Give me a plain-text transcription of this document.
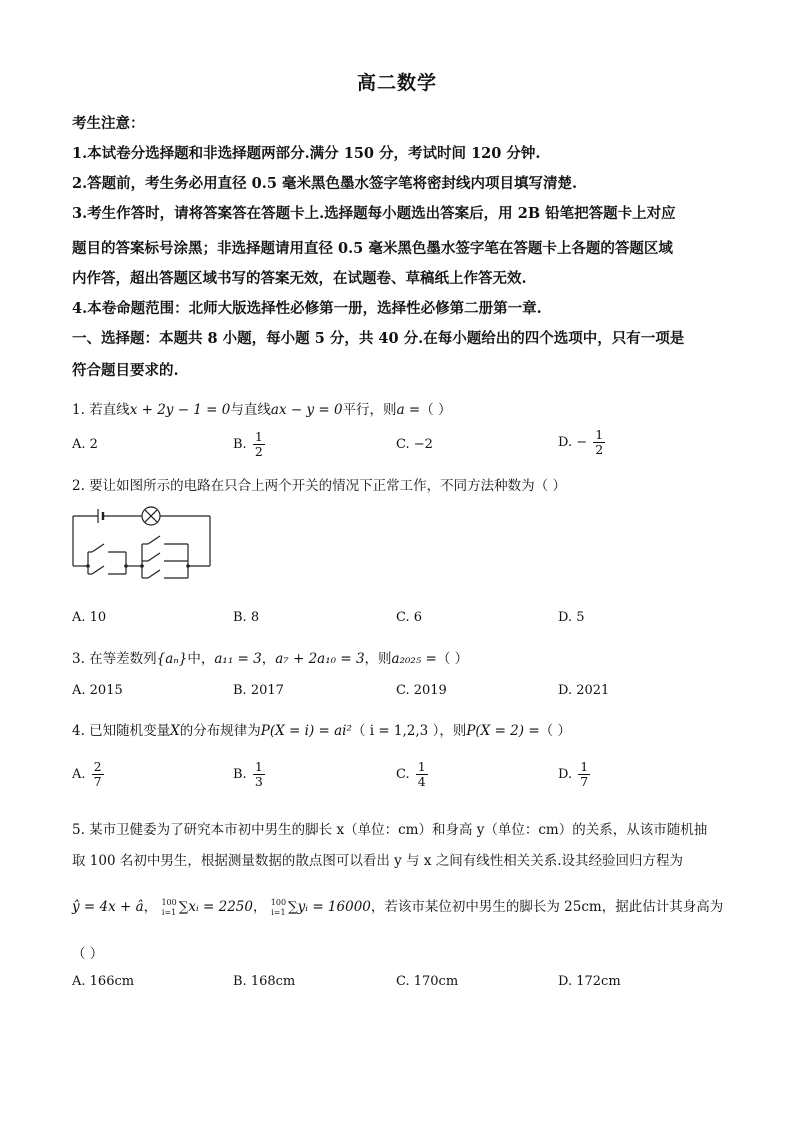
高二数学
考生注意：
1.本试卷分选择题和非选择题两部分.满分 150 分，考试时间 120 分钟.
2.答题前，考生务必用直径 0.5 毫米黑色墨水签字笔将密封线内项目填写清楚.
3.考生作答时，请将答案答在答题卡上.选择题每小题选出答案后，用 2B 铅笔把答题卡上对应
题目的答案标号涂黑；非选择题请用直径 0.5 毫米黑色墨水签字笔在答题卡上各题的答题区域
内作答，超出答题区域书写的答案无效，在试题卷、草稿纸上作答无效.
4.本卷命题范围：北师大版选择性必修第一册，选择性必修第二册第一章.
一、选择题：本题共 8 小题，每小题 5 分，共 40 分.在每小题给出的四个选项中，只有一项是
符合题目要求的.
1. 若直线x + 2y − 1 = 0与直线ax − y = 0平行，则a =（ ）
A. 2	B. $\frac{1}{2}$	C. −2	D. − $\frac{1}{2}$
2. 要让如图所示的电路在只合上两个开关的情况下正常工作，不同方法种数为（ ）
A. 10	B. 8	C. 6	D. 5
3. 在等差数列{aₙ}中，a₁₁ = 3，a₇ + 2a₁₀ = 3，则a₂₀₂₅ =（ ）
A. 2015	B. 2017	C. 2019	D. 2021
4. 已知随机变量X的分布规律为P(X = i) = ai²（ i = 1,2,3 ），则P(X = 2) =（ ）
A. $\frac{2}{7}$	B. $\frac{1}{3}$	C. $\frac{1}{4}$	D. $\frac{1}{7}$
5. 某市卫健委为了研究本市初中男生的脚长 x（单位：cm）和身高 y（单位：cm）的关系，从该市随机抽
取 100 名初中男生，根据测量数据的散点图可以看出 y 与 x 之间有线性相关关系.设其经验回归方程为
ŷ = 4x + â， 100
i=1 ∑xᵢ = 2250， 100
i=1 ∑yᵢ = 16000，若该市某位初中男生的脚长为 25cm，据此估计其身高为
（ ）
A. 166cm	B. 168cm	C. 170cm	D. 172cm
